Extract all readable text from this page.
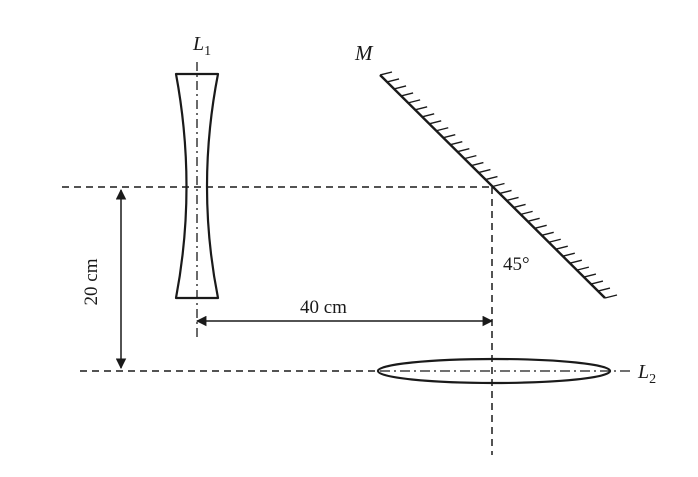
$L_1$	M
45°
40 cm
20 cm
$L_2$
